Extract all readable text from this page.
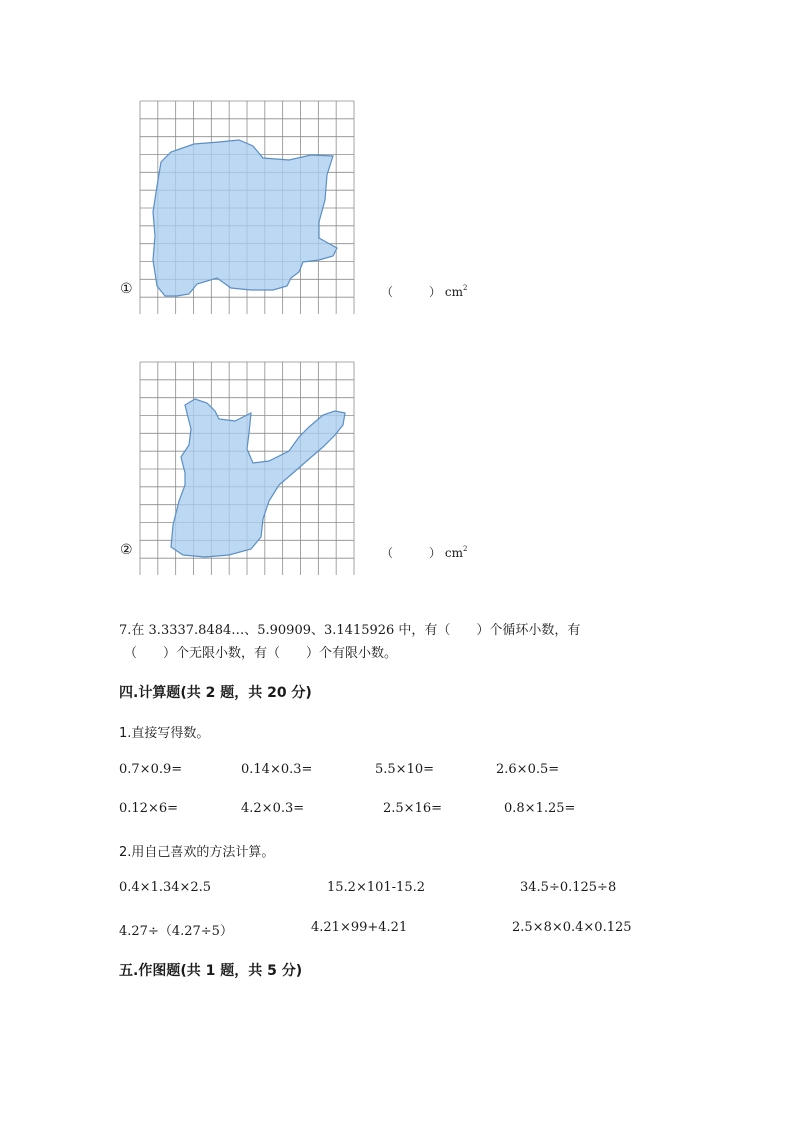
①	（	） $cm^2$
②	（	） $cm^2$
7.在 3.3337.8484…、5.90909、3.1415926 中，有（　　）个循环小数，有
（　　）个无限小数，有（　　）个有限小数。
四.计算题(共 2 题，共 20 分)
1.直接写得数。
0.7×0.9=	0.14×0.3=	5.5×10=	2.6×0.5=
0.12×6=	4.2×0.3=	2.5×16=	0.8×1.25=
2.用自己喜欢的方法计算。
0.4×1.34×2.5	15.2×101-15.2	34.5÷0.125÷8
4.27÷（4.27÷5）	4.21×99+4.21	2.5×8×0.4×0.125
五.作图题(共 1 题，共 5 分)
